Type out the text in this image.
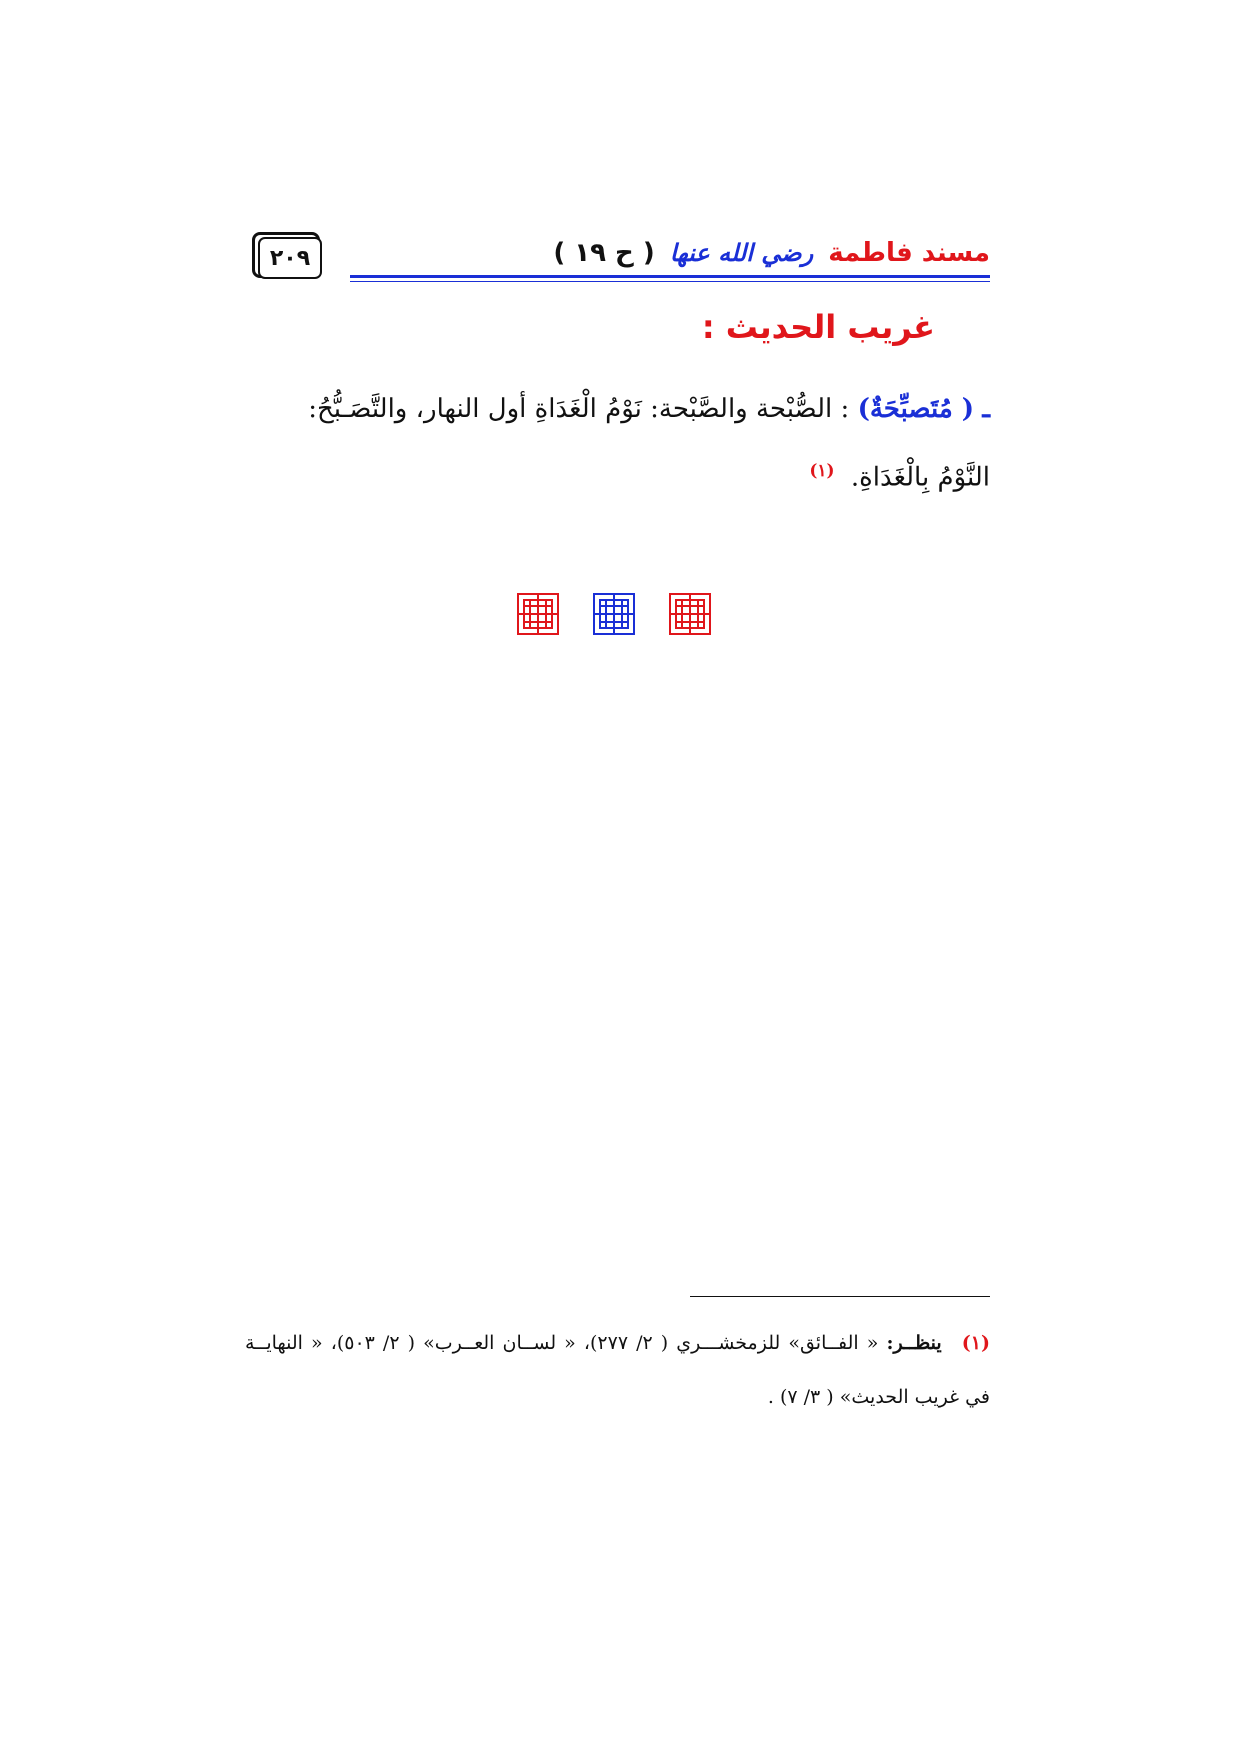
٢٠٩	مسند فاطمة رضي الله عنها ( ح ١٩ )
غريب الحديث :
ـ ( مُتَصبِّحَةٌ) : الصُّبْحة والصَّبْحة: نَوْمُ الْغَدَاةِ أول النهار، والتَّصَـبُّحُ:
النَّوْمُ بِالْغَدَاةِ. $^{(١)}$
(١) ينظــر: « الفــائق» للزمخشـــري ( ٢/ ٢٧٧)، « لســان العــرب» ( ٢/ ٥٠٣)، « النهايــة في غريب الحديث» ( ٣/ ٧) .
